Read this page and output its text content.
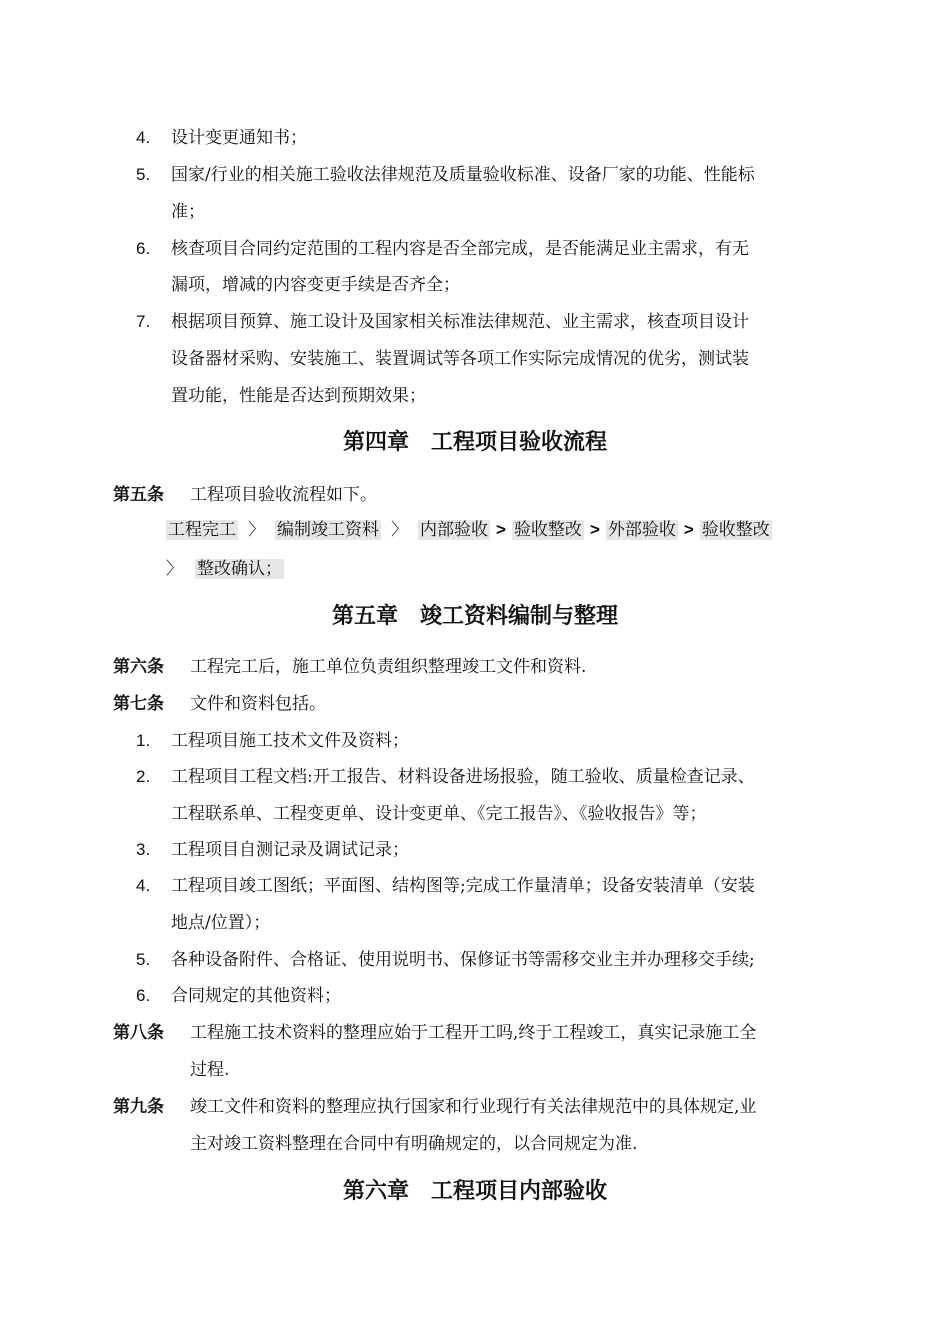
4. 设计变更通知书；
5. 国家/行业的相关施工验收法律规范及质量验收标准、设备厂家的功能、性能标
准；
6. 核查项目合同约定范围的工程内容是否全部完成，是否能满足业主需求，有无
漏项，增减的内容变更手续是否齐全；
7. 根据项目预算、施工设计及国家相关标准法律规范、业主需求，核查项目设计
设备器材采购、安装施工、装置调试等各项工作实际完成情况的优劣，测试装
置功能，性能是否达到预期效果；
第四章　工程项目验收流程
第五条 工程项目验收流程如下。
工程完工 〉 编制竣工资料 〉 内部验收 > 验收整改 > 外部验收 > 验收整改
〉 整改确认；
第五章　竣工资料编制与整理
第六条 工程完工后，施工单位负责组织整理竣工文件和资料.
第七条 文件和资料包括。
1. 工程项目施工技术文件及资料；
2. 工程项目工程文档:开工报告、材料设备进场报验，随工验收、质量检查记录、
工程联系单、工程变更单、设计变更单、《完工报告》、《验收报告》等；
3. 工程项目自测记录及调试记录；
4. 工程项目竣工图纸；平面图、结构图等;完成工作量清单；设备安装清单（安装
地点/位置）；
5. 各种设备附件、合格证、使用说明书、保修证书等需移交业主并办理移交手续;
6. 合同规定的其他资料；
第八条 工程施工技术资料的整理应始于工程开工吗,终于工程竣工，真实记录施工全
过程.
第九条 竣工文件和资料的整理应执行国家和行业现行有关法律规范中的具体规定,业
主对竣工资料整理在合同中有明确规定的，以合同规定为准.
第六章　工程项目内部验收
